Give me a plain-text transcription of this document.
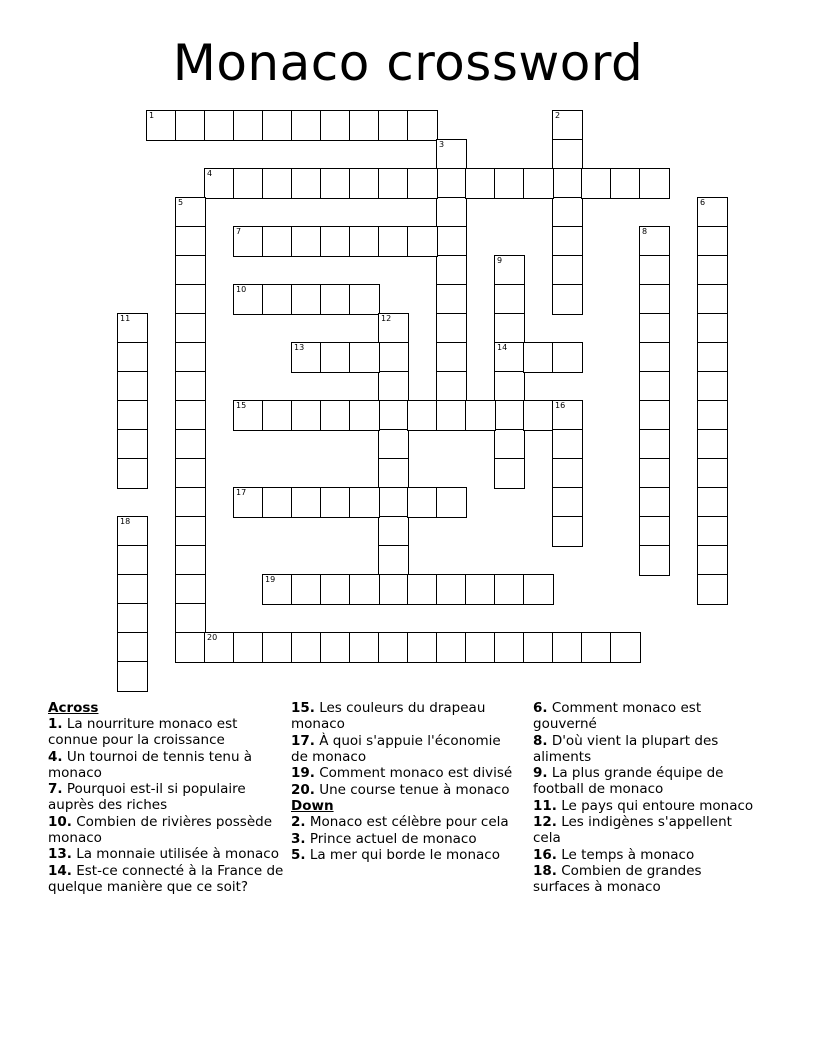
Monaco crossword
1	2
3
4
5	6
7	8
9
14
10
11	12
13
15	16
17
18
19
20
Across
1. La nourriture monaco est connue pour la croissance
4. Un tournoi de tennis tenu à monaco
7. Pourquoi est-il si populaire auprès des riches
10. Combien de rivières possède monaco
13. La monnaie utilisée à monaco
14. Est-ce connecté à la France de quelque manière que ce soit?
15. Les couleurs du drapeau monaco
17. À quoi s'appuie l'économie de monaco
19. Comment monaco est divisé
20. Une course tenue à monaco
Down
2. Monaco est célèbre pour cela
3. Prince actuel de monaco
5. La mer qui borde le monaco
6. Comment monaco est gouverné
8. D'où vient la plupart des aliments
9. La plus grande équipe de football de monaco
11. Le pays qui entoure monaco
12. Les indigènes s'appellent cela
16. Le temps à monaco
18. Combien de grandes surfaces à monaco
